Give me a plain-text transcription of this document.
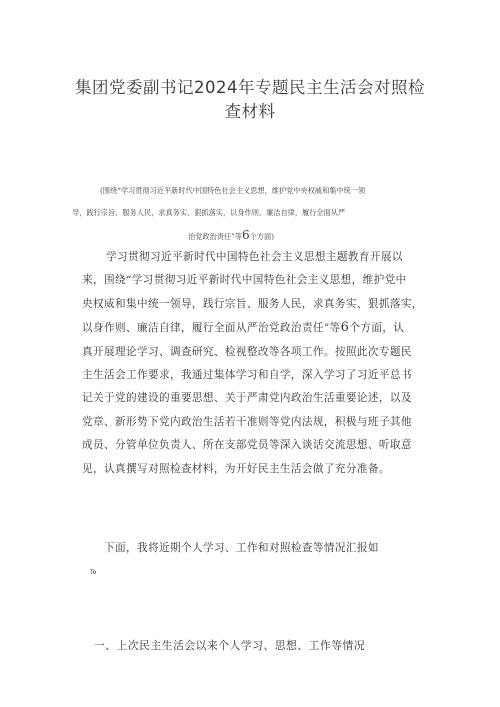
集团党委副书记2024年专题民主生活会对照检
查材料
(围绕“学习贯彻习近平新时代中国特色社会主义思想，维护党中央权威和集中统一领
导，践行宗旨、服务人民，求真务实、狠抓落实，以身作则、廉洁自律，履行全面从严
治党政治责任”等6个方面)
学习贯彻习近平新时代中国特色社会主义思想主题教育开展以
来，围绕“学习贯彻习近平新时代中国特色社会主义思想，维护党中
央权威和集中统一领导，践行宗旨、服务人民，求真务实、狠抓落实，
以身作则、廉洁自律，履行全面从严治党政治责任”等6个方面，认
真开展理论学习、调查研究、检视整改等各项工作。按照此次专题民
主生活会工作要求，我通过集体学习和自学，深入学习了习近平总书
记关于党的建设的重要思想、关于严肃党内政治生活重要论述，以及
党章、新形势下党内政治生活若干准则等党内法规，积极与班子其他
成员、分管单位负责人、所在支部党员等深入谈话交流思想、听取意
见，认真撰写对照检查材料，为开好民主生活会做了充分准备。
下面，我将近期个人学习、工作和对照检查等情况汇报如
To
一、上次民主生活会以来个人学习、思想、工作等情况
